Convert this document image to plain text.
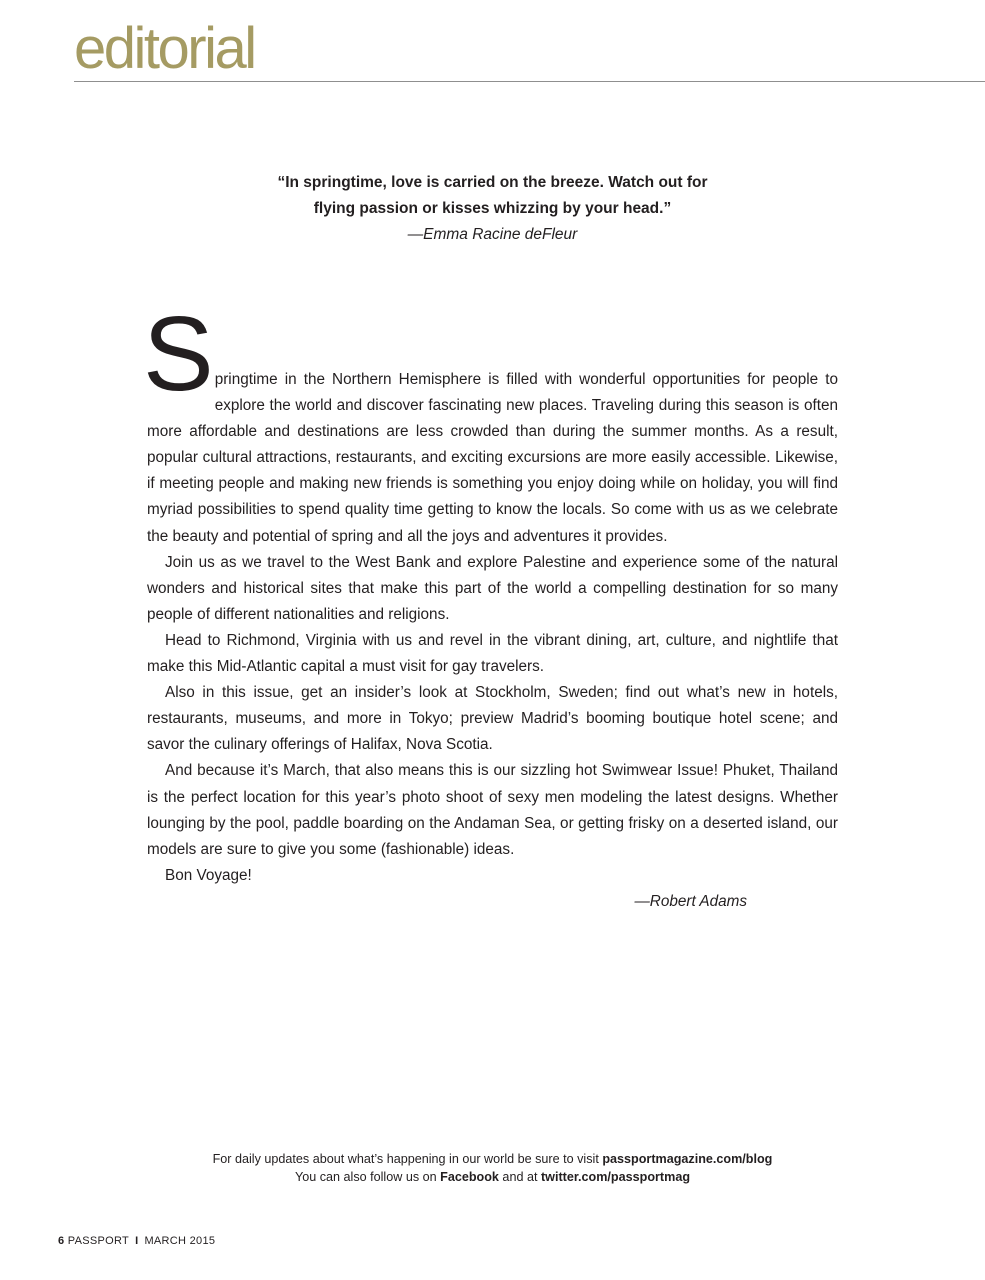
editorial
“In springtime, love is carried on the breeze. Watch out for
flying passion or kisses whizzing by your head.”
—Emma Racine deFleur

Springtime in the Northern Hemisphere is filled with wonderful opportunities for people to explore the world and discover fascinating new places. Traveling during this season is often more affordable and destinations are less crowded than during the summer months. As a result, popular cultural attractions, restaurants, and exciting excursions are more easily accessible. Likewise, if meeting people and making new friends is something you enjoy doing while on holiday, you will find myriad possibilities to spend quality time getting to know the locals. So come with us as we celebrate the beauty and potential of spring and all the joys and adventures it provides.

Join us as we travel to the West Bank and explore Palestine and experience some of the natural wonders and historical sites that make this part of the world a compelling destination for so many people of different nationalities and religions.

Head to Richmond, Virginia with us and revel in the vibrant dining, art, culture, and nightlife that make this Mid-Atlantic capital a must visit for gay travelers.

Also in this issue, get an insider’s look at Stockholm, Sweden; find out what’s new in hotels, restaurants, museums, and more in Tokyo; preview Madrid’s booming boutique hotel scene; and savor the culinary offerings of Halifax, Nova Scotia.

And because it’s March, that also means this is our sizzling hot Swimwear Issue! Phuket, Thailand is the perfect location for this year’s photo shoot of sexy men modeling the latest designs. Whether lounging by the pool, paddle boarding on the Andaman Sea, or getting frisky on a deserted island, our models are sure to give you some (fashionable) ideas.

Bon Voyage!

—Robert Adams

For daily updates about what’s happening in our world be sure to visit passportmagazine.com/blog
You can also follow us on Facebook and at twitter.com/passportmag
6 PASSPORT I MARCH 2015
